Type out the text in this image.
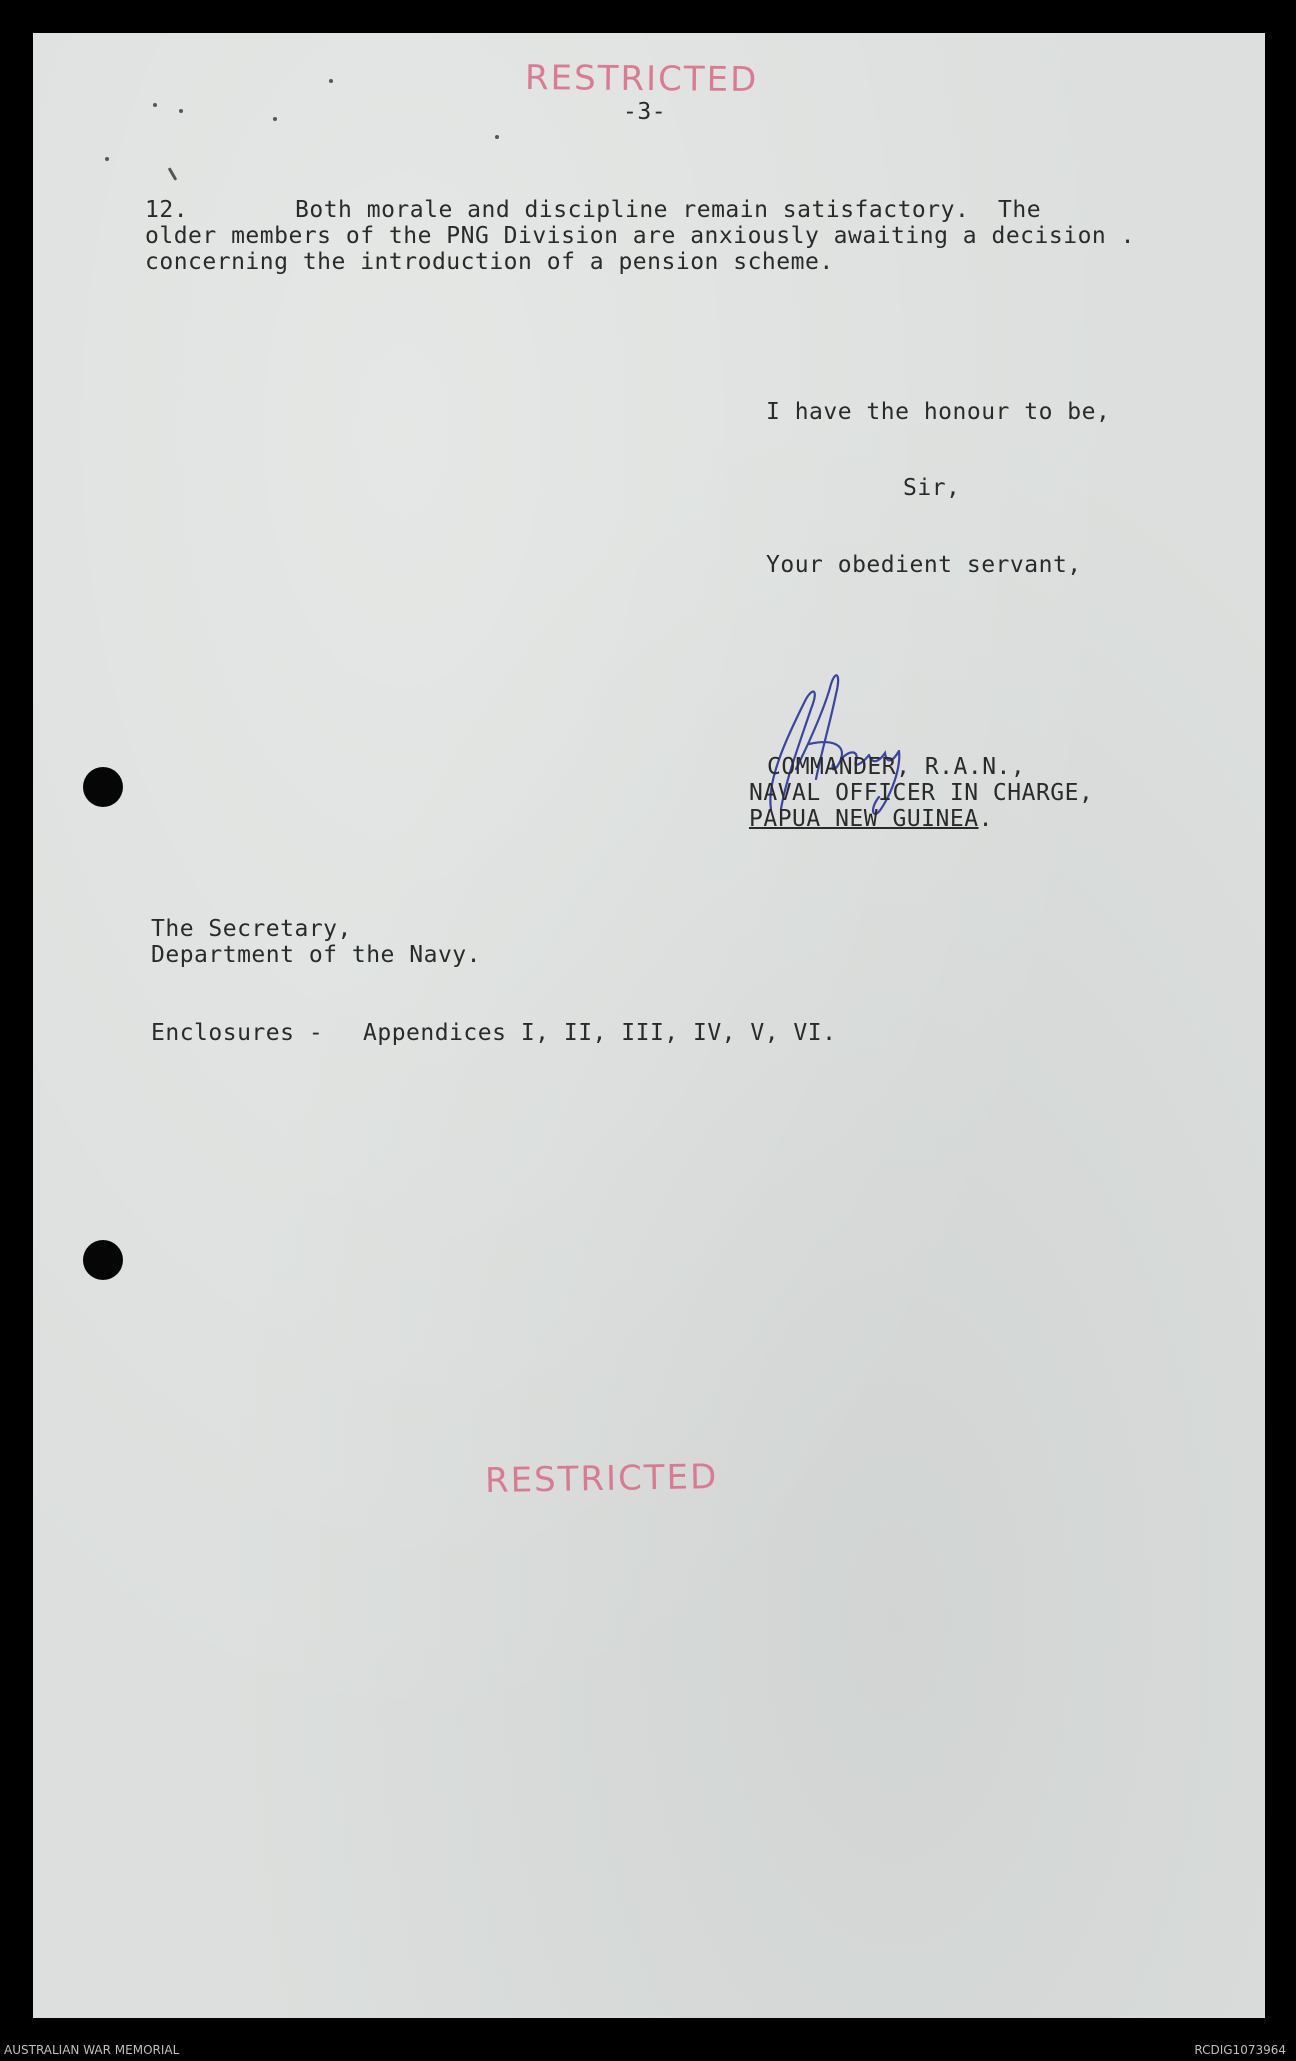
RESTRICTED
-3-
12.	Both morale and discipline remain satisfactory.  The
older members of the PNG Division are anxiously awaiting a decision .
concerning the introduction of a pension scheme.
I have the honour to be,
Sir,
Your obedient servant,
COMMANDER, R.A.N.,
NAVAL OFFICER IN CHARGE,
PAPUA NEW GUINEA.
The Secretary,
Department of the Navy.
Enclosures - Appendices I, II, III, IV, V, VI.
RESTRICTED
AUSTRALIAN WAR MEMORIAL	RCDIG1073964
